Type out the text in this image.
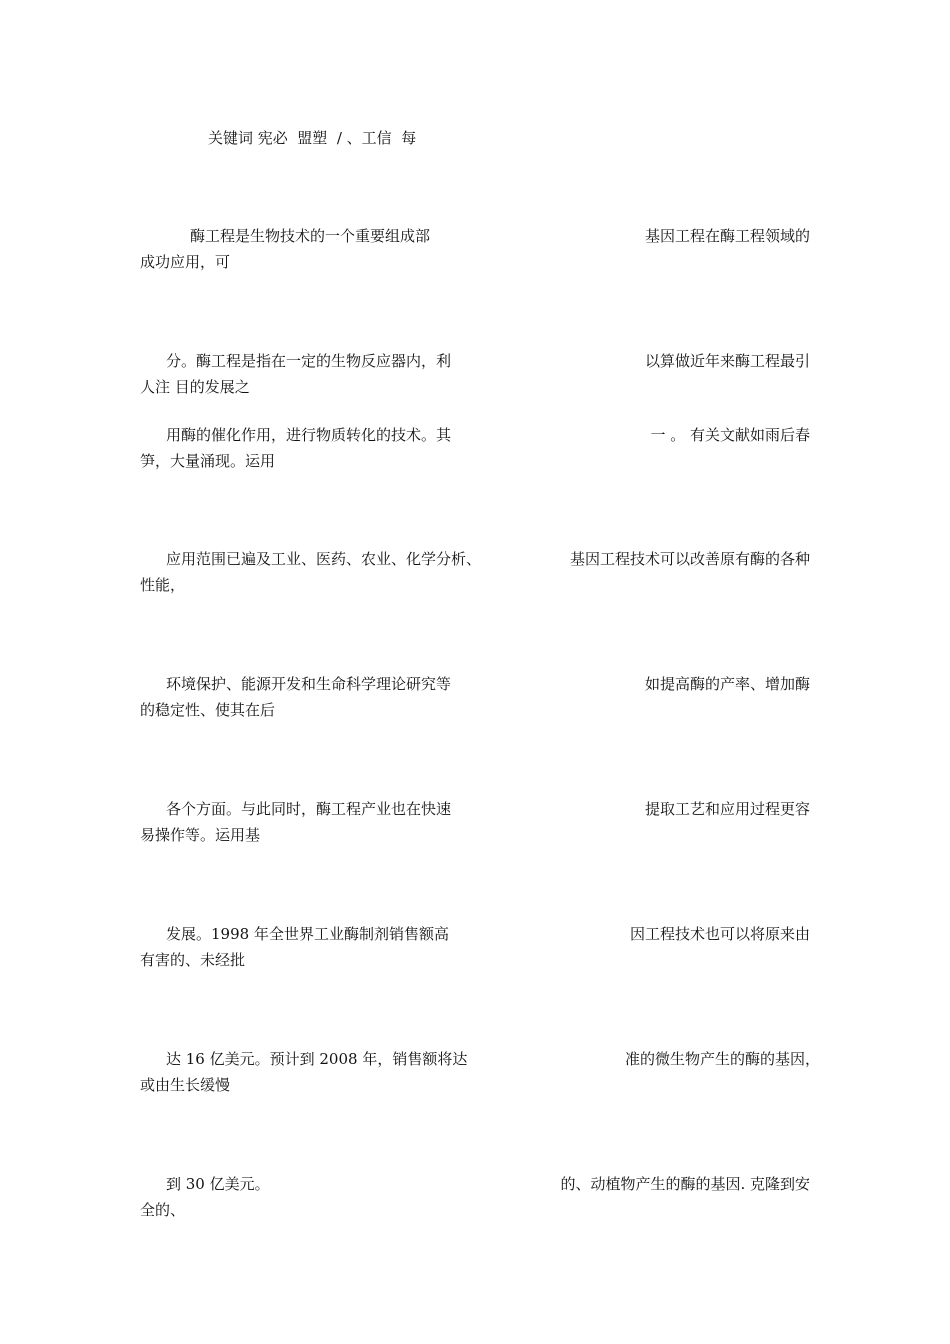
关键词 宪必  盟塑  / 、工信  每
酶工程是生物技术的一个重要组成部	基因工程在酶工程领域的
成功应用，可
分。酶工程是指在一定的生物反应器内，利	以算做近年来酶工程最引
人注 目的发展之
用酶的催化作用，进行物质转化的技术。其	一 。 有关文献如雨后春
笋，大量涌现。运用
应用范围已遍及工业、医药、农业、化学分析、	基因工程技术可以改善原有酶的各种
性能，
环境保护、能源开发和生命科学理论研究等	如提高酶的产率、增加酶
的稳定性、使其在后
各个方面。与此同时，酶工程产业也在快速	提取工艺和应用过程更容
易操作等。运用基
发展。1998 年全世界工业酶制剂销售额高	因工程技术也可以将原来由
有害的、未经批
达 16 亿美元。预计到 2008 年，销售额将达	准的微生物产生的酶的基因，
或由生长缓慢
到 30 亿美元。	的、动植物产生的酶的基因. 克隆到安
全的、
